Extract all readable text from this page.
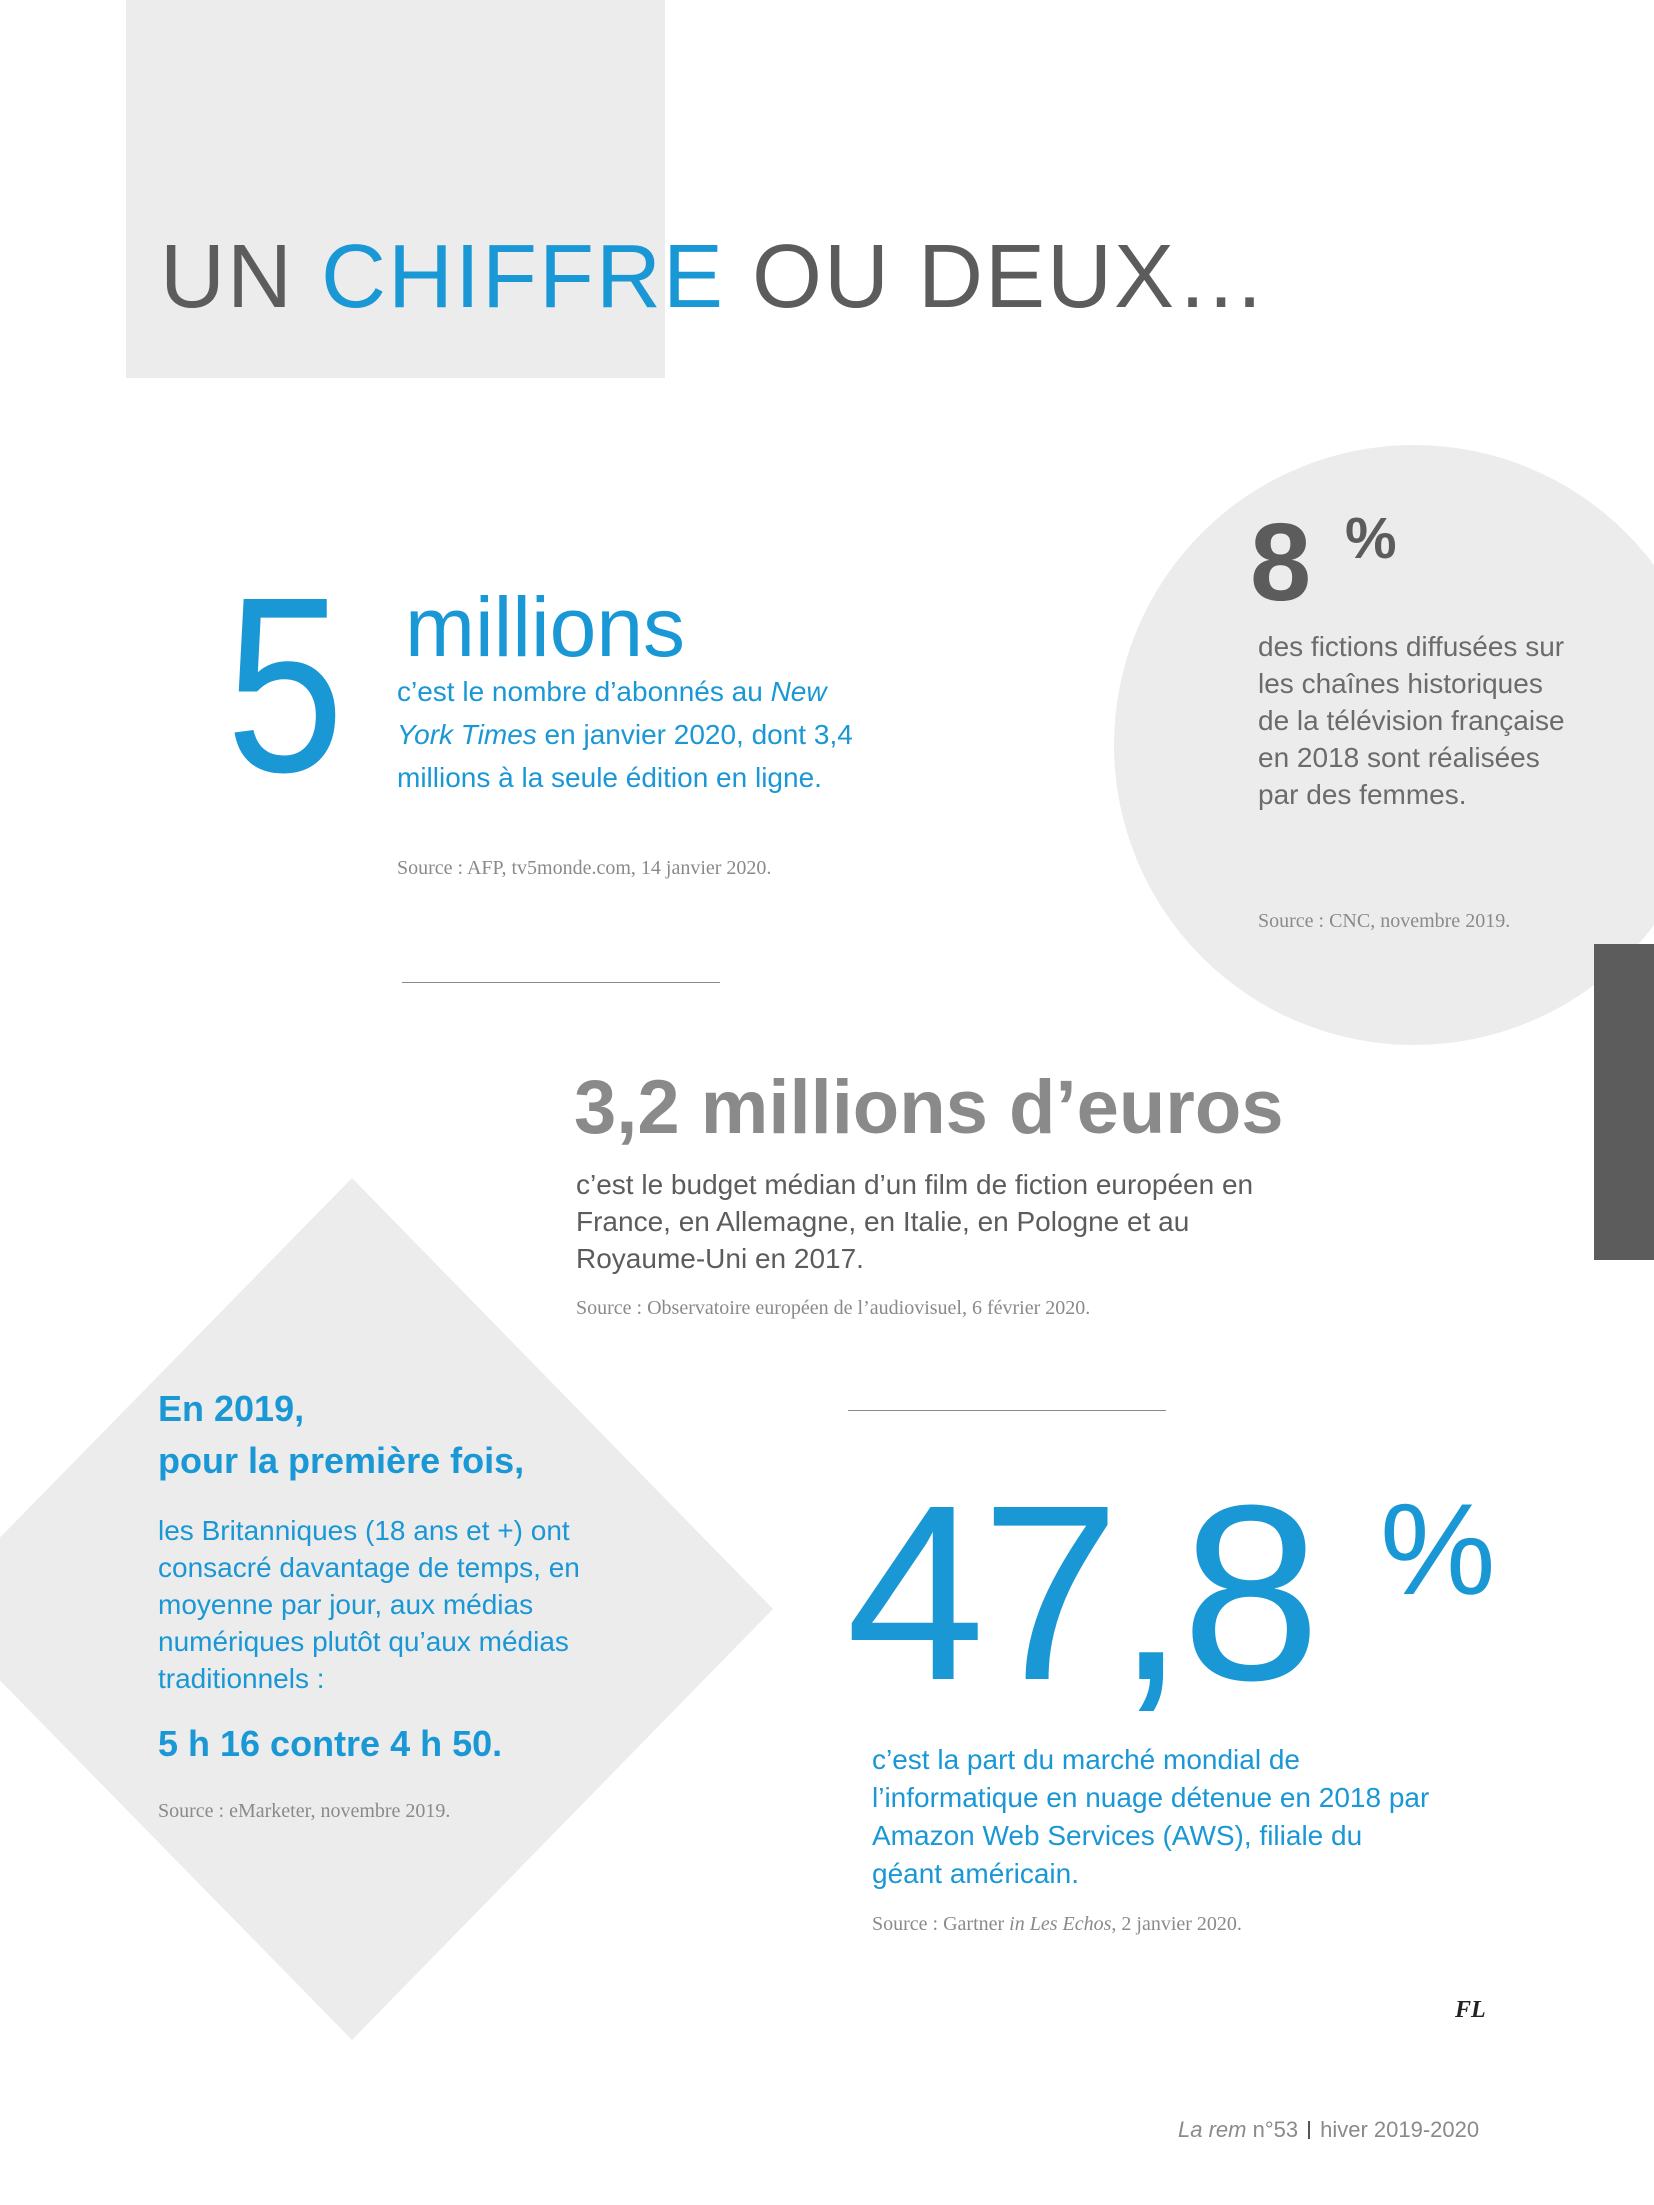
UN CHIFFRE OU DEUX…
5 millions
c’est le nombre d’abonnés au New York Times en janvier 2020, dont 3,4 millions à la seule édition en ligne.
Source : AFP, tv5monde.com, 14 janvier 2020.
8 %
des fictions diffusées sur les chaînes historiques de la télévision française en 2018 sont réalisées par des femmes.
Source : CNC, novembre 2019.
3,2 millions d’euros
c’est le budget médian d’un film de fiction européen en France, en Allemagne, en Italie, en Pologne et au Royaume-Uni en 2017.
Source : Observatoire européen de l’audiovisuel, 6 février 2020.
En 2019,
pour la première fois,
les Britanniques (18 ans et +) ont consacré davantage de temps, en moyenne par jour, aux médias numériques plutôt qu’aux médias traditionnels :
5 h 16 contre 4 h 50.
Source : eMarketer, novembre 2019.
47,8 %
c’est la part du marché mondial de l’informatique en nuage détenue en 2018 par Amazon Web Services (AWS), filiale du géant américain.
Source : Gartner in Les Echos, 2 janvier 2020.
FL
La rem n°53 hiver 2019-2020
